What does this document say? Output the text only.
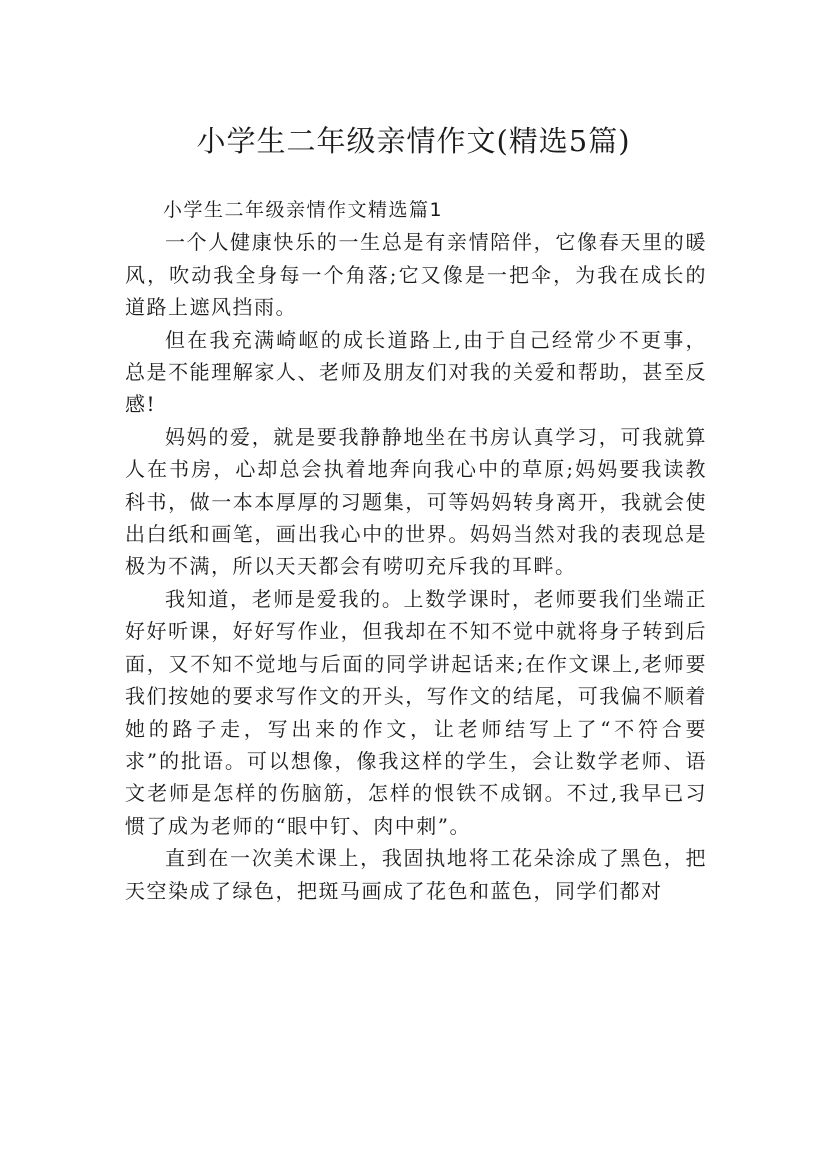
小学生二年级亲情作文(精选5篇)

小学生二年级亲情作文精选篇1

一个人健康快乐的一生总是有亲情陪伴，它像春天里的暖风，吹动我全身每一个角落;它又像是一把伞，为我在成长的道路上遮风挡雨。

但在我充满崎岖的成长道路上,由于自己经常少不更事，总是不能理解家人、老师及朋友们对我的关爱和帮助，甚至反感!

妈妈的爱，就是要我静静地坐在书房认真学习，可我就算人在书房，心却总会执着地奔向我心中的草原;妈妈要我读教科书，做一本本厚厚的习题集，可等妈妈转身离开，我就会使出白纸和画笔，画出我心中的世界。妈妈当然对我的表现总是极为不满，所以天天都会有唠叨充斥我的耳畔。

我知道，老师是爱我的。上数学课时，老师要我们坐端正好好听课，好好写作业，但我却在不知不觉中就将身子转到后面，又不知不觉地与后面的同学讲起话来;在作文课上,老师要我们按她的要求写作文的开头，写作文的结尾，可我偏不顺着她的路子走，写出来的作文，让老师结写上了“不符合要求”的批语。可以想像，像我这样的学生，会让数学老师、语文老师是怎样的伤脑筋，怎样的恨铁不成钢。不过,我早已习惯了成为老师的“眼中钉、肉中刺”。

直到在一次美术课上，我固执地将工花朵涂成了黑色，把天空染成了绿色，把斑马画成了花色和蓝色，同学们都对
